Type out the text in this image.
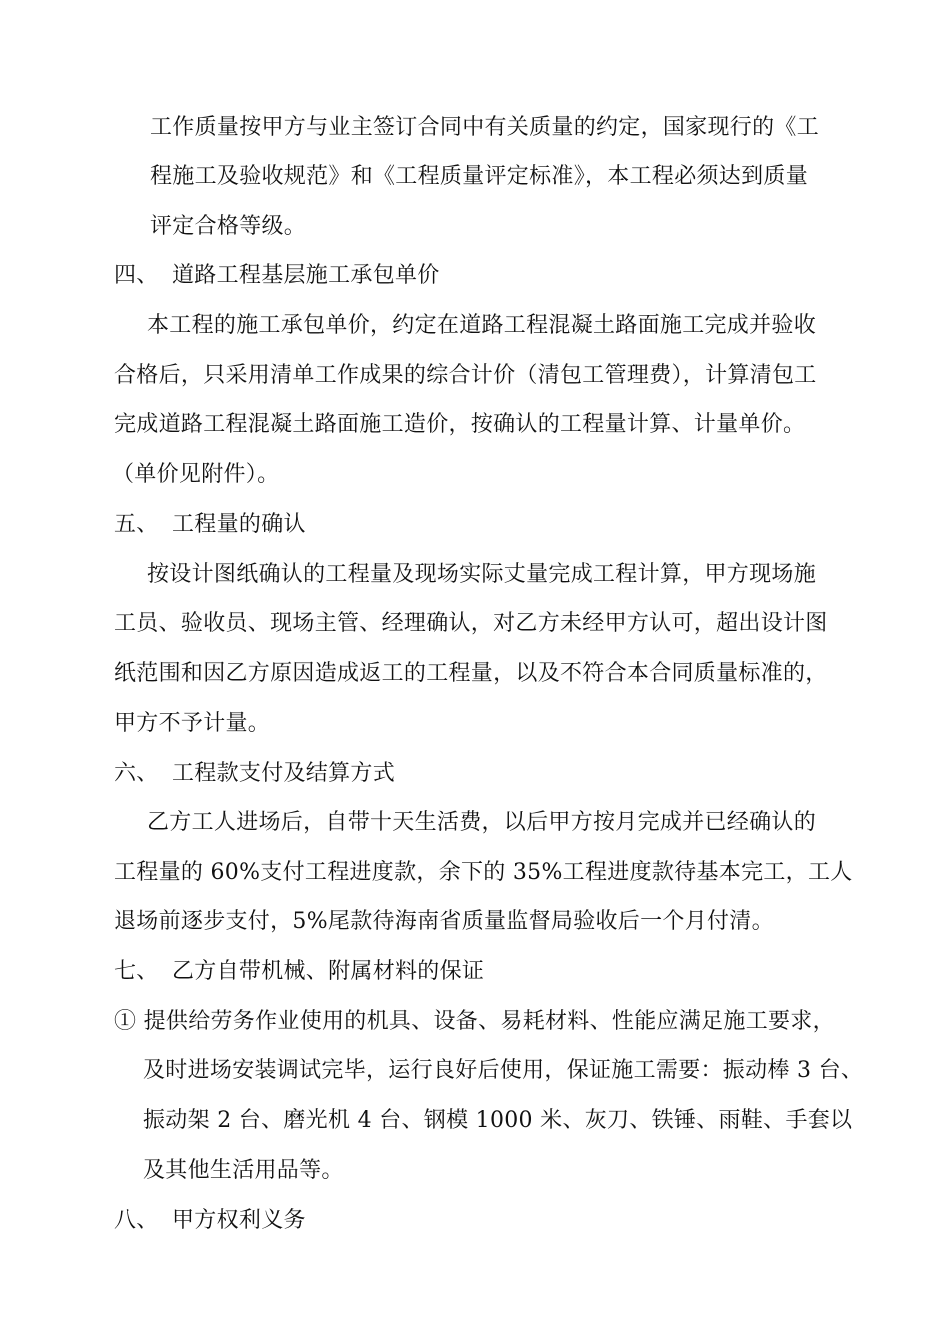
工作质量按甲方与业主签订合同中有关质量的约定，国家现行的《工
程施工及验收规范》和《工程质量评定标准》，本工程必须达到质量
评定合格等级。
四、 道路工程基层施工承包单价
本工程的施工承包单价，约定在道路工程混凝土路面施工完成并验收
合格后，只采用清单工作成果的综合计价（清包工管理费），计算清包工
完成道路工程混凝土路面施工造价，按确认的工程量计算、计量单价。
（单价见附件）。
五、 工程量的确认
按设计图纸确认的工程量及现场实际丈量完成工程计算，甲方现场施
工员、验收员、现场主管、经理确认，对乙方未经甲方认可，超出设计图
纸范围和因乙方原因造成返工的工程量，以及不符合本合同质量标准的，
甲方不予计量。
六、 工程款支付及结算方式
乙方工人进场后，自带十天生活费，以后甲方按月完成并已经确认的
工程量的 60%支付工程进度款，余下的 35%工程进度款待基本完工，工人
退场前逐步支付，5%尾款待海南省质量监督局验收后一个月付清。
七、 乙方自带机械、附属材料的保证
① 提供给劳务作业使用的机具、设备、易耗材料、性能应满足施工要求，
及时进场安装调试完毕，运行良好后使用，保证施工需要：振动棒 3 台、
振动架 2 台、磨光机 4 台、钢模 1000 米、灰刀、铁锤、雨鞋、手套以
及其他生活用品等。
八、 甲方权利义务
